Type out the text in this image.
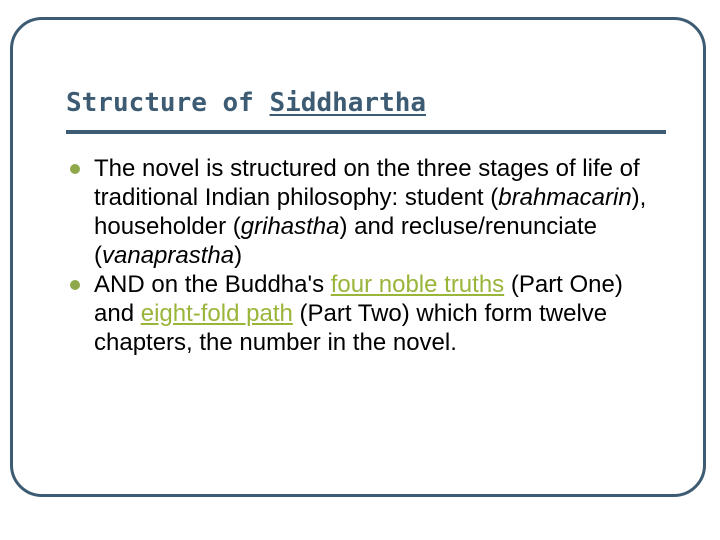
Structure of Siddhartha
The novel is structured on the three stages of life of traditional Indian philosophy: student (brahmacarin), householder (grihastha) and recluse/renunciate (vanaprastha)
AND on the Buddha's four noble truths (Part One) and eight-fold path (Part Two) which form twelve chapters, the number in the novel.
